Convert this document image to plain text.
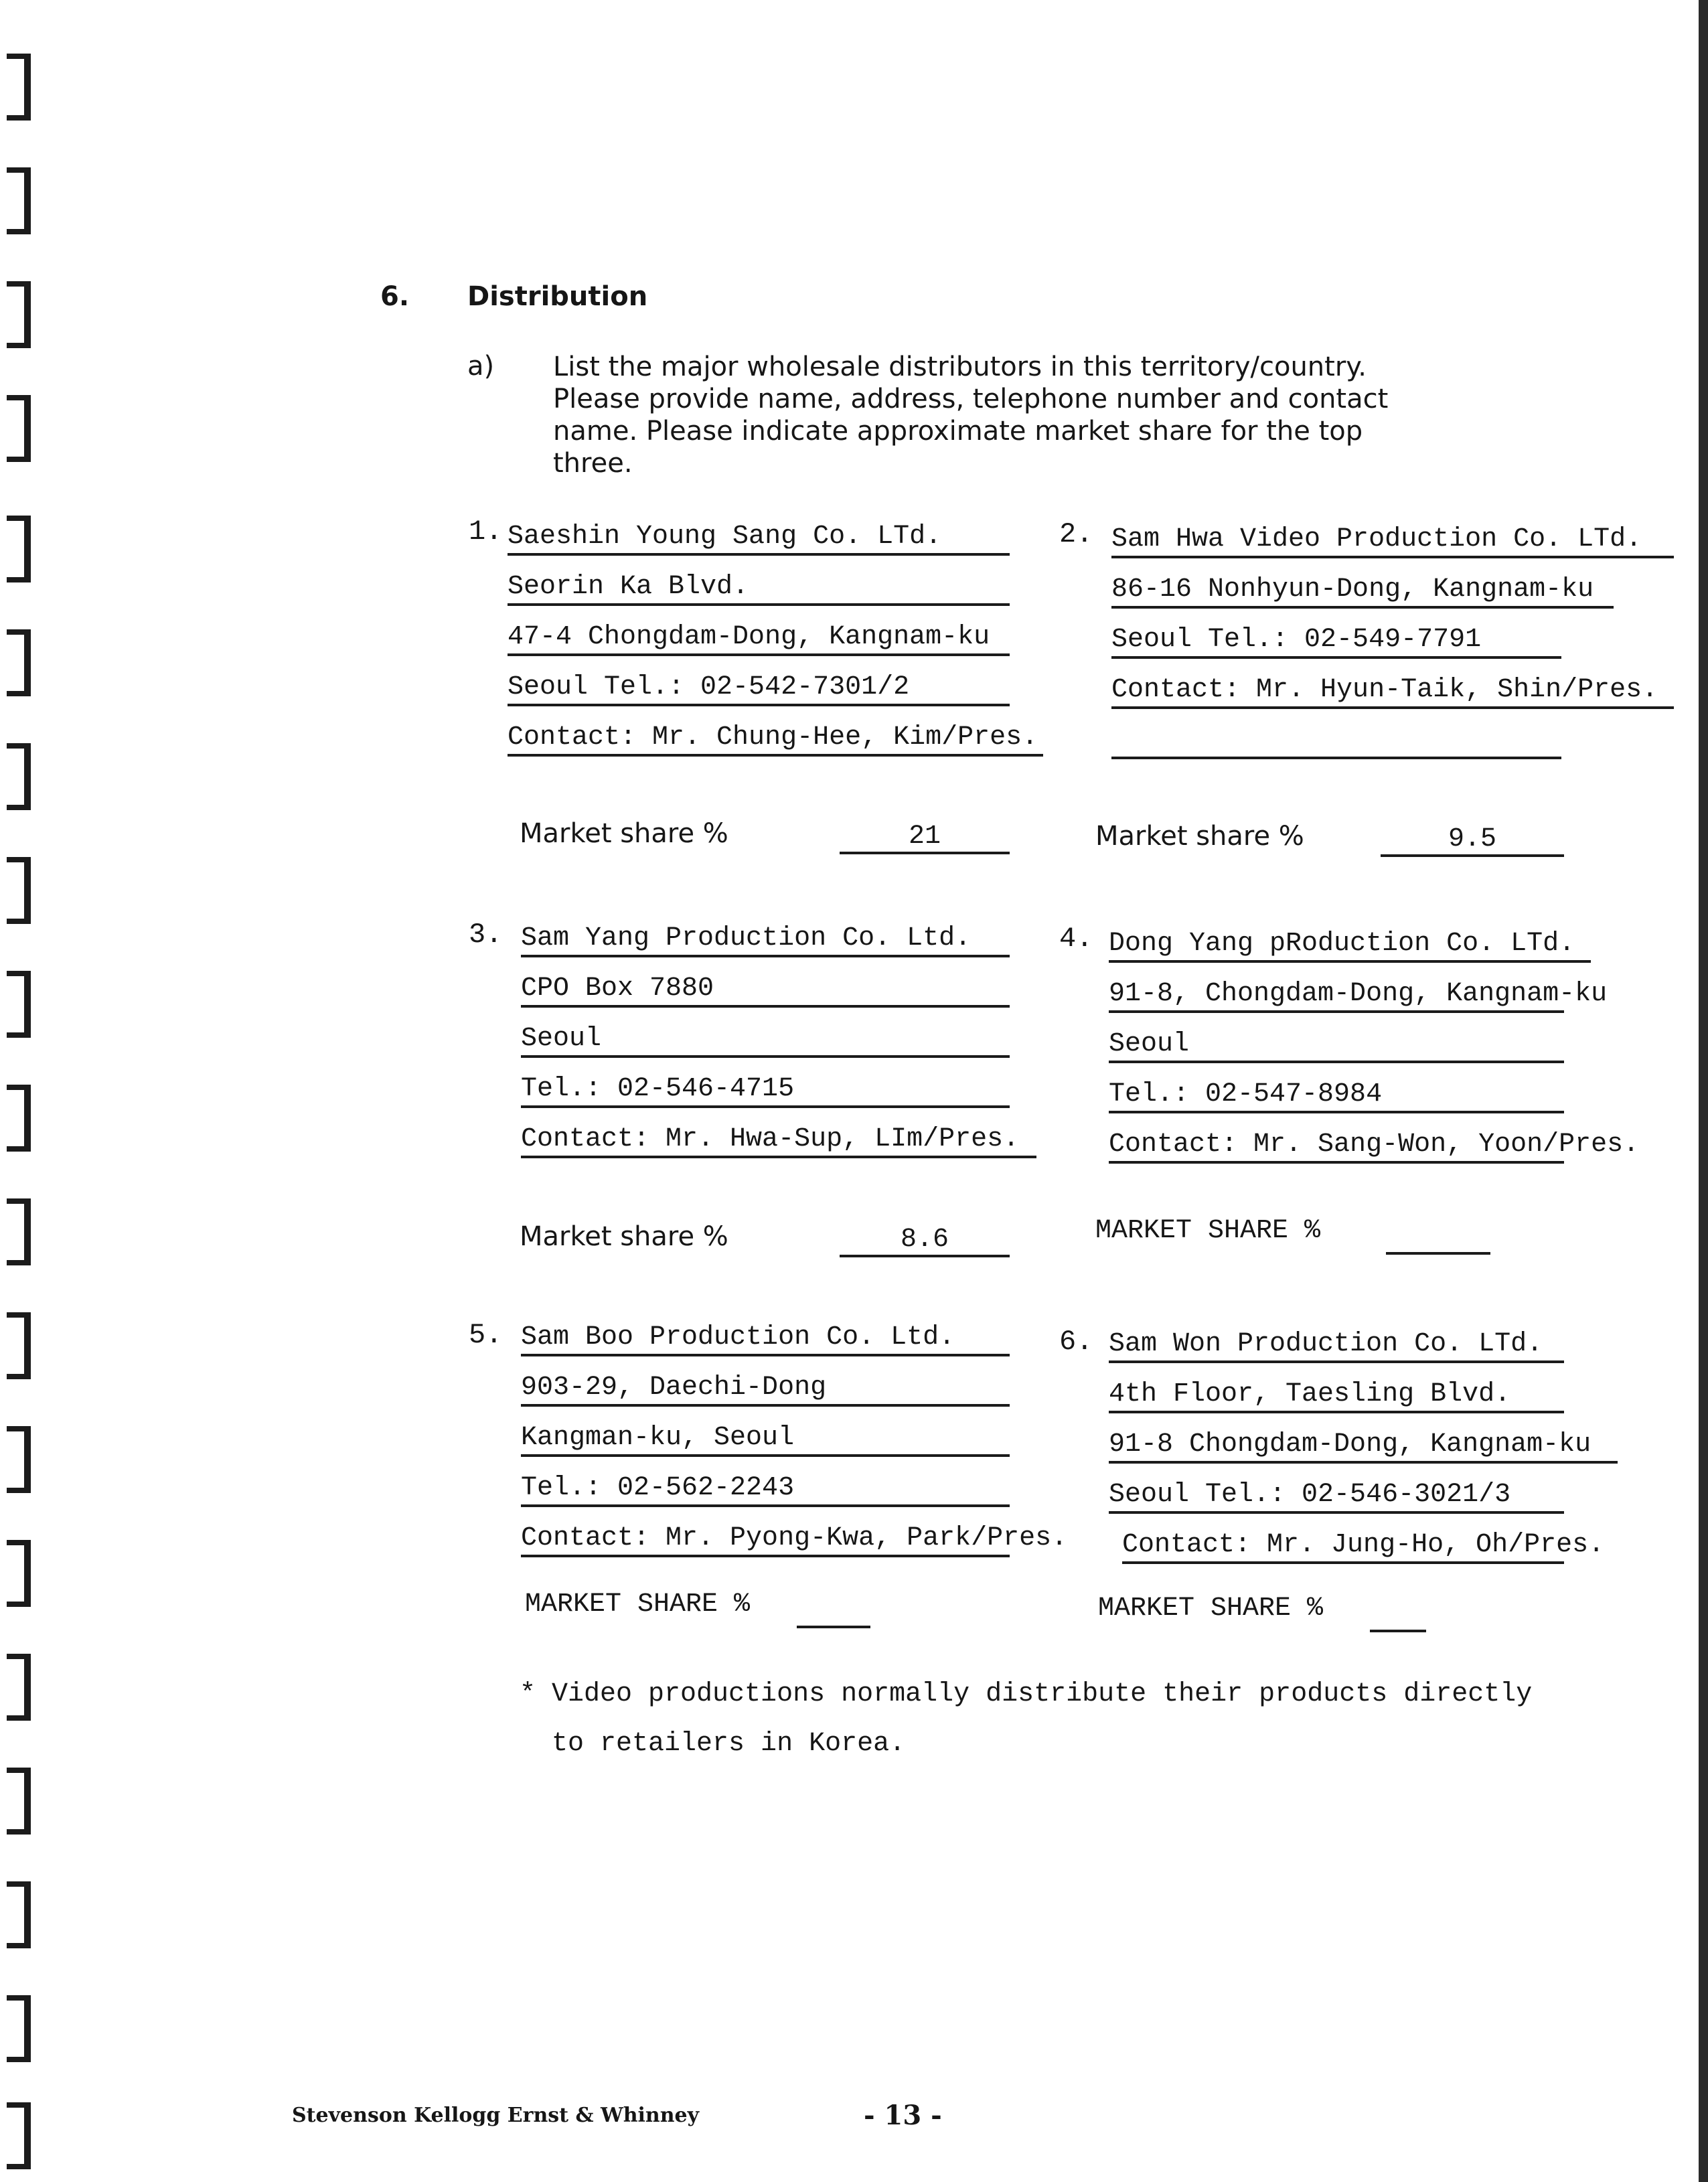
6. Distribution
a) List the major wholesale distributors in this territory/country.
Please provide name, address, telephone number and contact
name. Please indicate approximate market share for the top
three.
1. Saeshin Young Sang Co. LTd.
Seorin Ka Blvd.
47-4 Chongdam-Dong, Kangnam-ku
Seoul Tel.: 02-542-7301/2
Contact: Mr. Chung-Hee, Kim/Pres.
Market share %	21
2. Sam Hwa Video Production Co. LTd.
86-16 Nonhyun-Dong, Kangnam-ku
Seoul Tel.: 02-549-7791
Contact: Mr. Hyun-Taik, Shin/Pres.
Market share %	9.5
3. Sam Yang Production Co. Ltd.
CPO Box 7880
Seoul
Tel.: 02-546-4715
Contact: Mr. Hwa-Sup, LIm/Pres.
Market share %	8.6
4. Dong Yang pRoduction Co. LTd.
91-8, Chongdam-Dong, Kangnam-ku
Seoul
Tel.: 02-547-8984
Contact: Mr. Sang-Won, Yoon/Pres.
MARKET SHARE %
5. Sam Boo Production Co. Ltd.
903-29, Daechi-Dong
Kangman-ku, Seoul
Tel.: 02-562-2243
Contact: Mr. Pyong-Kwa, Park/Pres.
MARKET SHARE %
6. Sam Won Production Co. LTd.
4th Floor, Taesling Blvd.
91-8 Chongdam-Dong, Kangnam-ku
Seoul Tel.: 02-546-3021/3
Contact: Mr. Jung-Ho, Oh/Pres.
MARKET SHARE %
* Video productions normally distribute their products directly
to retailers in Korea.
Stevenson Kellogg Ernst & Whinney	- 13 -
